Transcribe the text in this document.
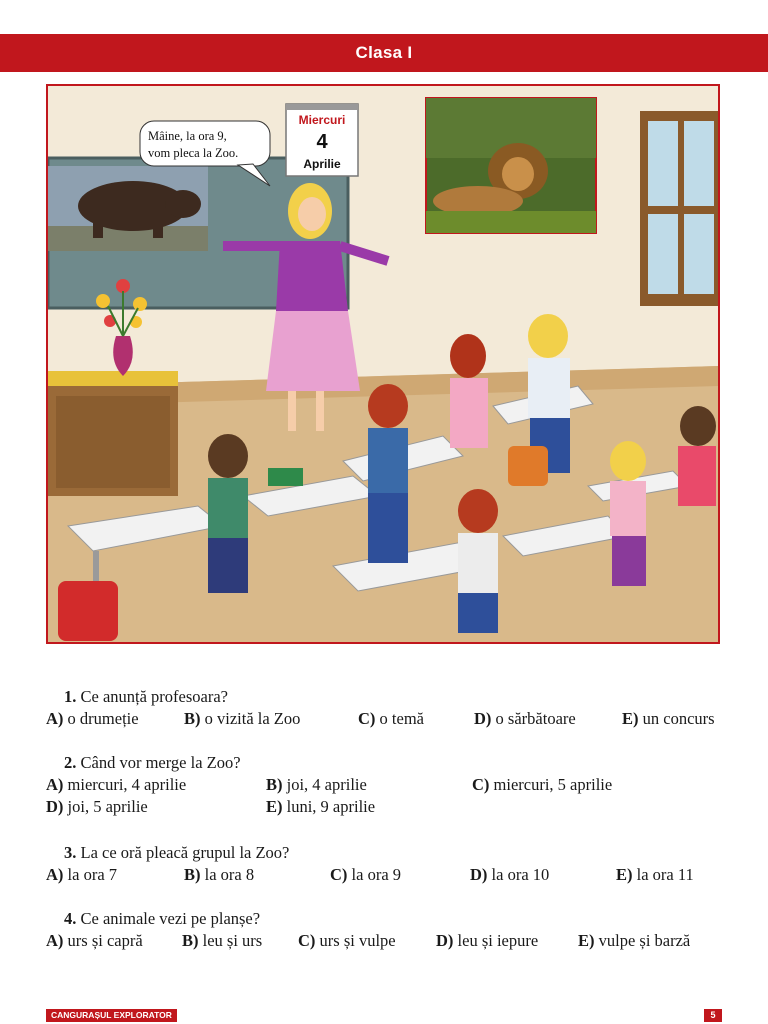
Clasa I
Miercuri
4
Aprilie
Mâine, la ora 9,
vom pleca la Zoo.
1. Ce anunță profesoara?
A) o drumeție	B) o vizită la Zoo	C) o temă	D) o sărbătoare	E) un concurs
2. Când vor merge la Zoo?
A) miercuri, 4 aprilie	B) joi, 4 aprilie	C) miercuri, 5 aprilie
D) joi, 5 aprilie	E) luni, 9 aprilie
3. La ce oră pleacă grupul la Zoo?
A) la ora 7	B) la ora 8	C) la ora 9	D) la ora 10	E) la ora 11
4. Ce animale vezi pe planșe?
A) urs și capră B) leu și urs C) urs și vulpe D) leu și iepure E) vulpe și barză
CANGURAȘUL EXPLORATOR	5
